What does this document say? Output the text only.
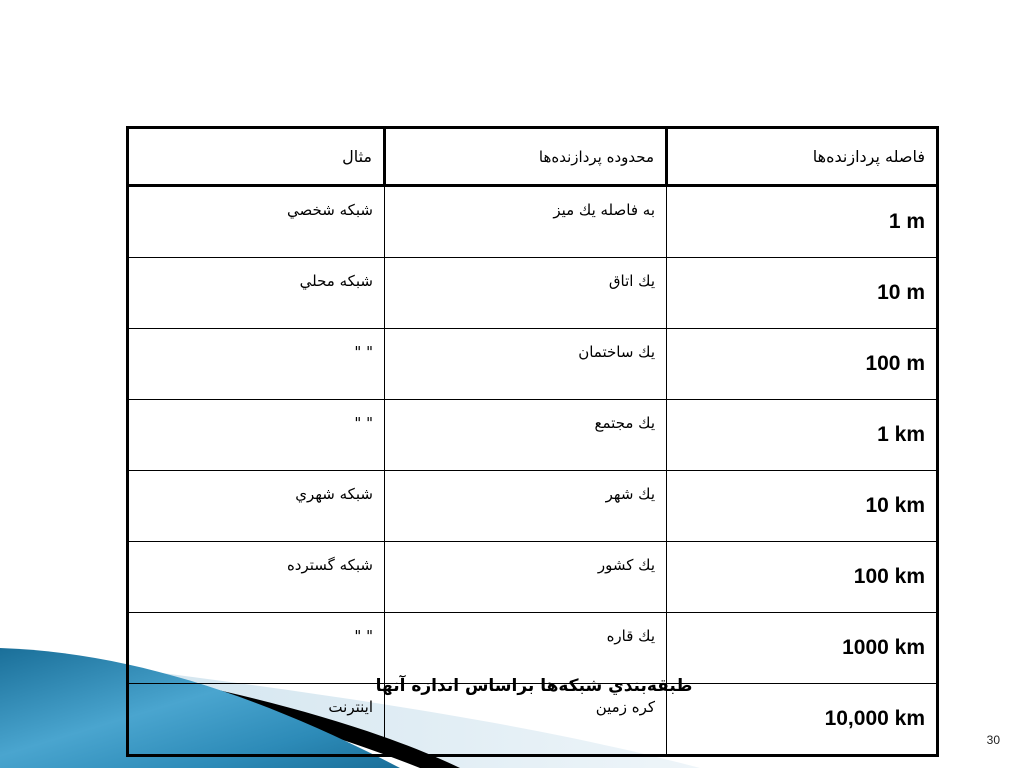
فاصله پردازنده‌ها	محدوده پردازنده‌ها	مثال
1 m	به فاصله يك ميز	شبكه شخصي
10 m	يك اتاق	شبكه محلي
100 m	يك ساختمان	" "
1 km	يك مجتمع	" "
10 km	يك شهر	شبكه شهري
100 km	يك كشور	شبكه گسترده
1000 km	يك قاره	" "
10,000 km	كره زمين	اينترنت
طبقه‌بندي شبكه‌ها براساس اندازه آنها
30
